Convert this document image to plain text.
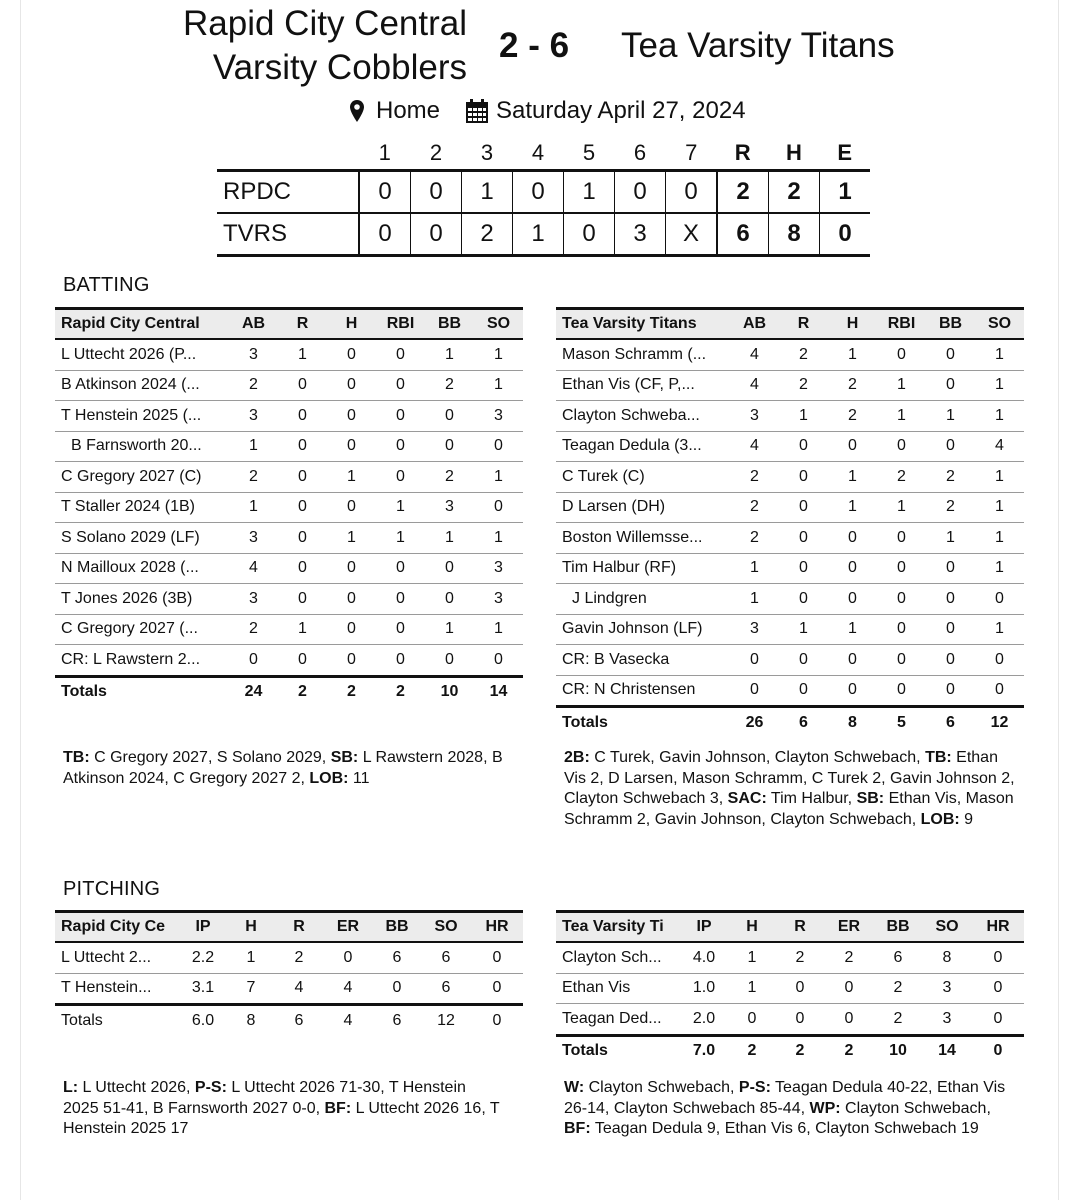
Rapid City Central
Varsity Cobblers
2 - 6 Tea Varsity Titans
Home Saturday April 27, 2024
	1	2	3	4	5	6	7	R	H	E
RPDC	0	0	1	0	1	0	0	2	2	1
TVRS	0	0	2	1	0	3	X	6	8	0
BATTING
Rapid City Central	AB	R	H	RBI	BB	SO
L Uttecht 2026 (P...	3	1	0	0	1	1
B Atkinson 2024 (...	2	0	0	0	2	1
T Henstein 2025 (...	3	0	0	0	0	3
B Farnsworth 20...	1	0	0	0	0	0
C Gregory 2027 (C)	2	0	1	0	2	1
T Staller 2024 (1B)	1	0	0	1	3	0
S Solano 2029 (LF)	3	0	1	1	1	1
N Mailloux 2028 (...	4	0	0	0	0	3
T Jones 2026 (3B)	3	0	0	0	0	3
C Gregory 2027 (...	2	1	0	0	1	1
CR: L Rawstern 2...	0	0	0	0	0	0
Totals	24	2	2	2	10	14
Tea Varsity Titans	AB	R	H	RBI	BB	SO
Mason Schramm (...	4	2	1	0	0	1
Ethan Vis (CF, P,...	4	2	2	1	0	1
Clayton Schweba...	3	1	2	1	1	1
Teagan Dedula (3...	4	0	0	0	0	4
C Turek (C)	2	0	1	2	2	1
D Larsen (DH)	2	0	1	1	2	1
Boston Willemsse...	2	0	0	0	1	1
Tim Halbur (RF)	1	0	0	0	0	1
J Lindgren	1	0	0	0	0	0
Gavin Johnson (LF)	3	1	1	0	0	1
CR: B Vasecka	0	0	0	0	0	0
CR: N Christensen	0	0	0	0	0	0
Totals	26	6	8	5	6	12
TB: C Gregory 2027, S Solano 2029, SB: L Rawstern 2028, B Atkinson 2024, C Gregory 2027 2, LOB: 11
2B: C Turek, Gavin Johnson, Clayton Schwebach, TB: Ethan Vis 2, D Larsen, Mason Schramm, C Turek 2, Gavin Johnson 2, Clayton Schwebach 3, SAC: Tim Halbur, SB: Ethan Vis, Mason Schramm 2, Gavin Johnson, Clayton Schwebach, LOB: 9
PITCHING
Rapid City Ce	IP	H	R	ER	BB	SO	HR
L Uttecht 2...	2.2	1	2	0	6	6	0
T Henstein...	3.1	7	4	4	0	6	0
Totals	6.0	8	6	4	6	12	0
Tea Varsity Ti	IP	H	R	ER	BB	SO	HR
Clayton Sch...	4.0	1	2	2	6	8	0
Ethan Vis	1.0	1	0	0	2	3	0
Teagan Ded...	2.0	0	0	0	2	3	0
Totals	7.0	2	2	2	10	14	0
L: L Uttecht 2026, P-S: L Uttecht 2026 71-30, T Henstein 2025 51-41, B Farnsworth 2027 0-0, BF: L Uttecht 2026 16, T Henstein 2025 17
W: Clayton Schwebach, P-S: Teagan Dedula 40-22, Ethan Vis 26-14, Clayton Schwebach 85-44, WP: Clayton Schwebach, BF: Teagan Dedula 9, Ethan Vis 6, Clayton Schwebach 19
